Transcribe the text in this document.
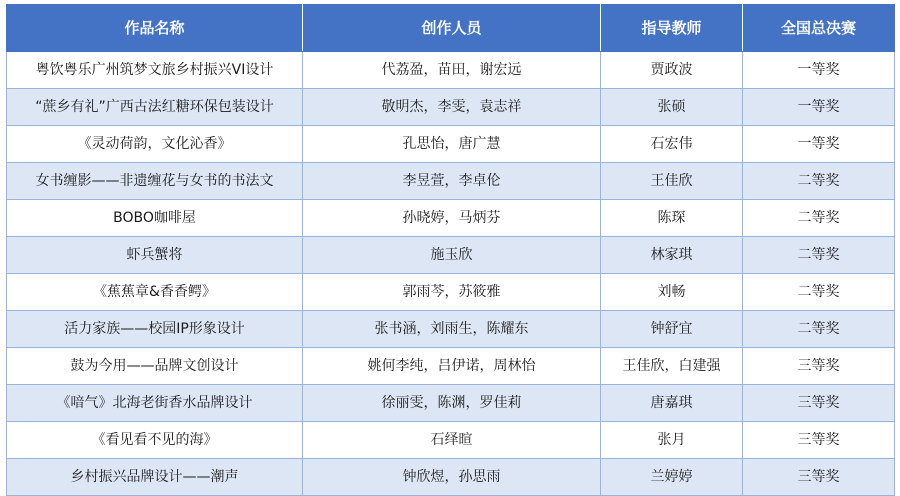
作品名称	创作人员	指导教师	全国总决赛
粤饮粤乐广州筑梦文旅乡村振兴VI设计	代荔盈，苗田，谢宏远	贾政波	一等奖
“蔗乡有礼”广西古法红糖环保包装设计	敬明杰，李雯，袁志祥	张硕	一等奖
《灵动荷韵，文化沁香》	孔思怡，唐广慧	石宏伟	一等奖
女书缠影——非遗缠花与女书的书法文	李昱萱，李卓伦	王佳欣	二等奖
BOBO咖啡屋	孙晓婷，马炳芬	陈琛	二等奖
虾兵蟹将	施玉欣	林家琪	二等奖
《蕉蕉章&香香鳄》	郭雨芩，苏筱雅	刘畅	二等奖
活力家族——校园IP形象设计	张书涵，刘雨生，陈耀东	钟舒宜	二等奖
鼓为今用——品牌文创设计	姚何李纯，吕伊诺，周林怡	王佳欣，白建强	三等奖
《喑气》北海老街香水品牌设计	徐丽雯，陈渊，罗佳莉	唐嘉琪	三等奖
《看见看不见的海》	石绎暄	张月	三等奖
乡村振兴品牌设计——潮声	钟欣煜，孙思雨	兰婷婷	三等奖
